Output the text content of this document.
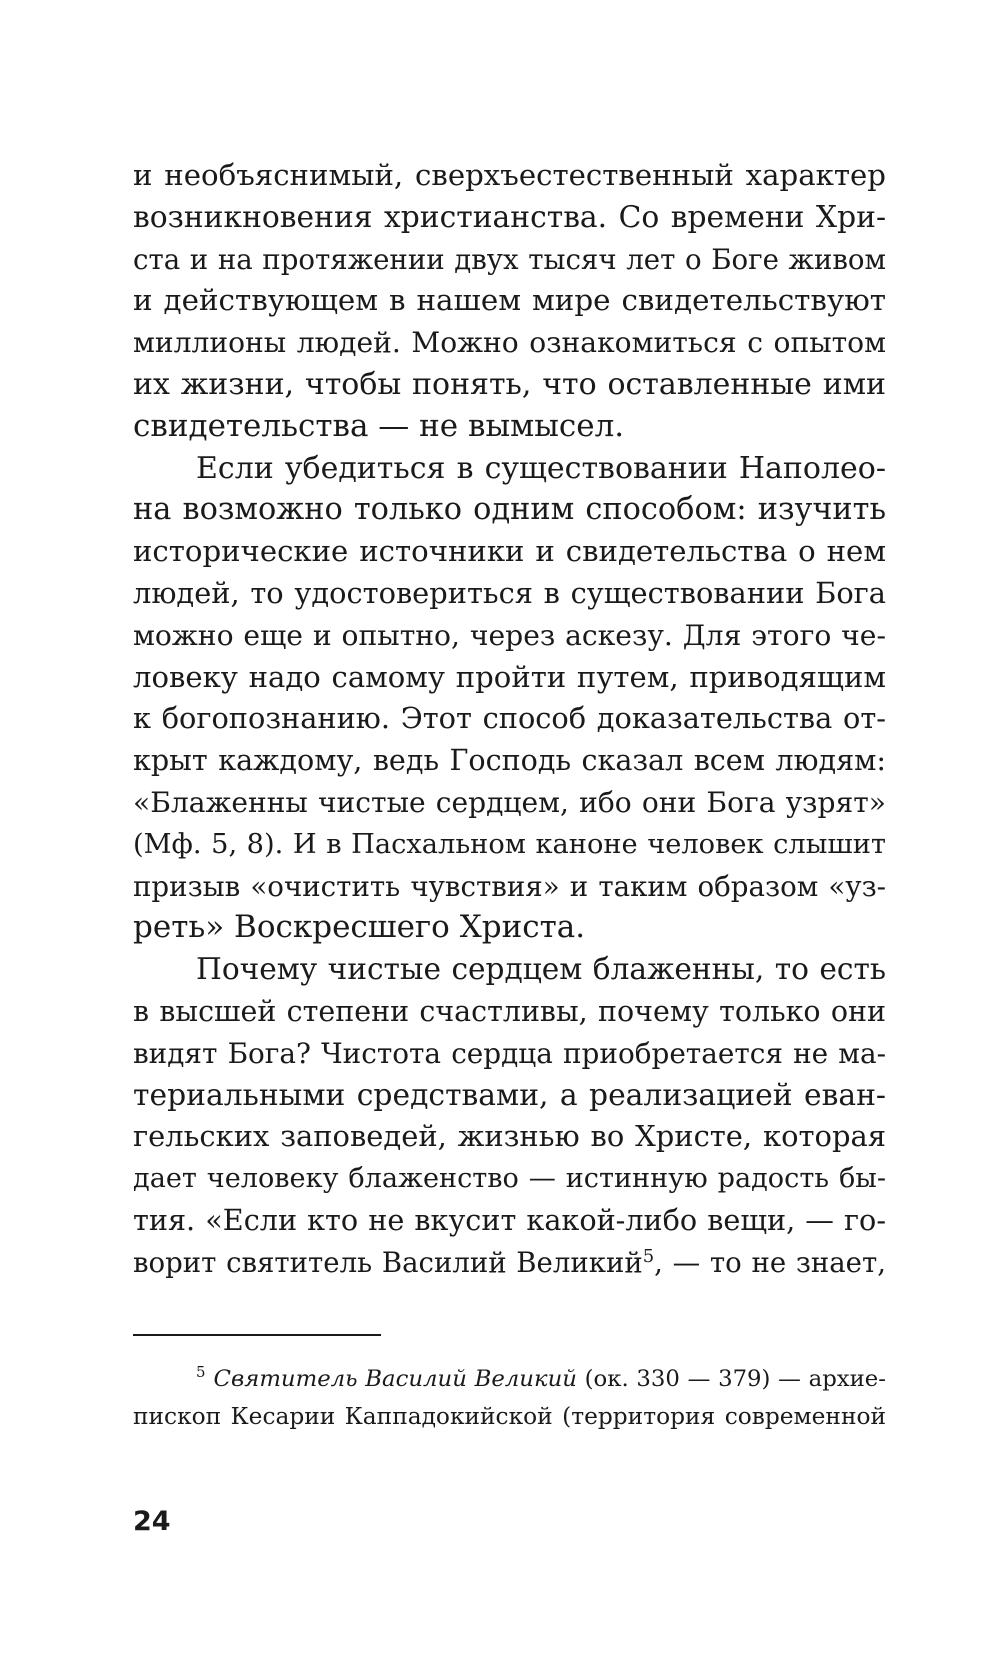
и необъяснимый, сверхъестественный характер
возникновения христианства. Со времени Хри-
ста и на протяжении двух тысяч лет о Боге живом
и действующем в нашем мире свидетельствуют
миллионы людей. Можно ознакомиться с опытом
их жизни, чтобы понять, что оставленные ими
свидетельства — не вымысел.
Если убедиться в существовании Наполео-
на возможно только одним способом: изучить
исторические источники и свидетельства о нем
людей, то удостовериться в существовании Бога
можно еще и опытно, через аскезу. Для этого че-
ловеку надо самому пройти путем, приводящим
к богопознанию. Этот способ доказательства от-
крыт каждому, ведь Господь сказал всем людям:
«Блаженны чистые сердцем, ибо они Бога узрят»
(Мф. 5, 8). И в Пасхальном каноне человек слышит
призыв «очистить чувствия» и таким образом «уз-
реть» Воскресшего Христа.
Почему чистые сердцем блаженны, то есть
в высшей степени счастливы, почему только они
видят Бога? Чистота сердца приобретается не ма-
териальными средствами, а реализацией еван-
гельских заповедей, жизнью во Христе, которая
дает человеку блаженство — истинную радость бы-
тия. «Если кто не вкусит какой-либо вещи, — го-
ворит святитель Василий Великий$^5$, — то не знает,
$^5$ Святитель Василий Великий (ок. 330 — 379) — архие-
пископ Кесарии Каппадокийской (территория современной
24
